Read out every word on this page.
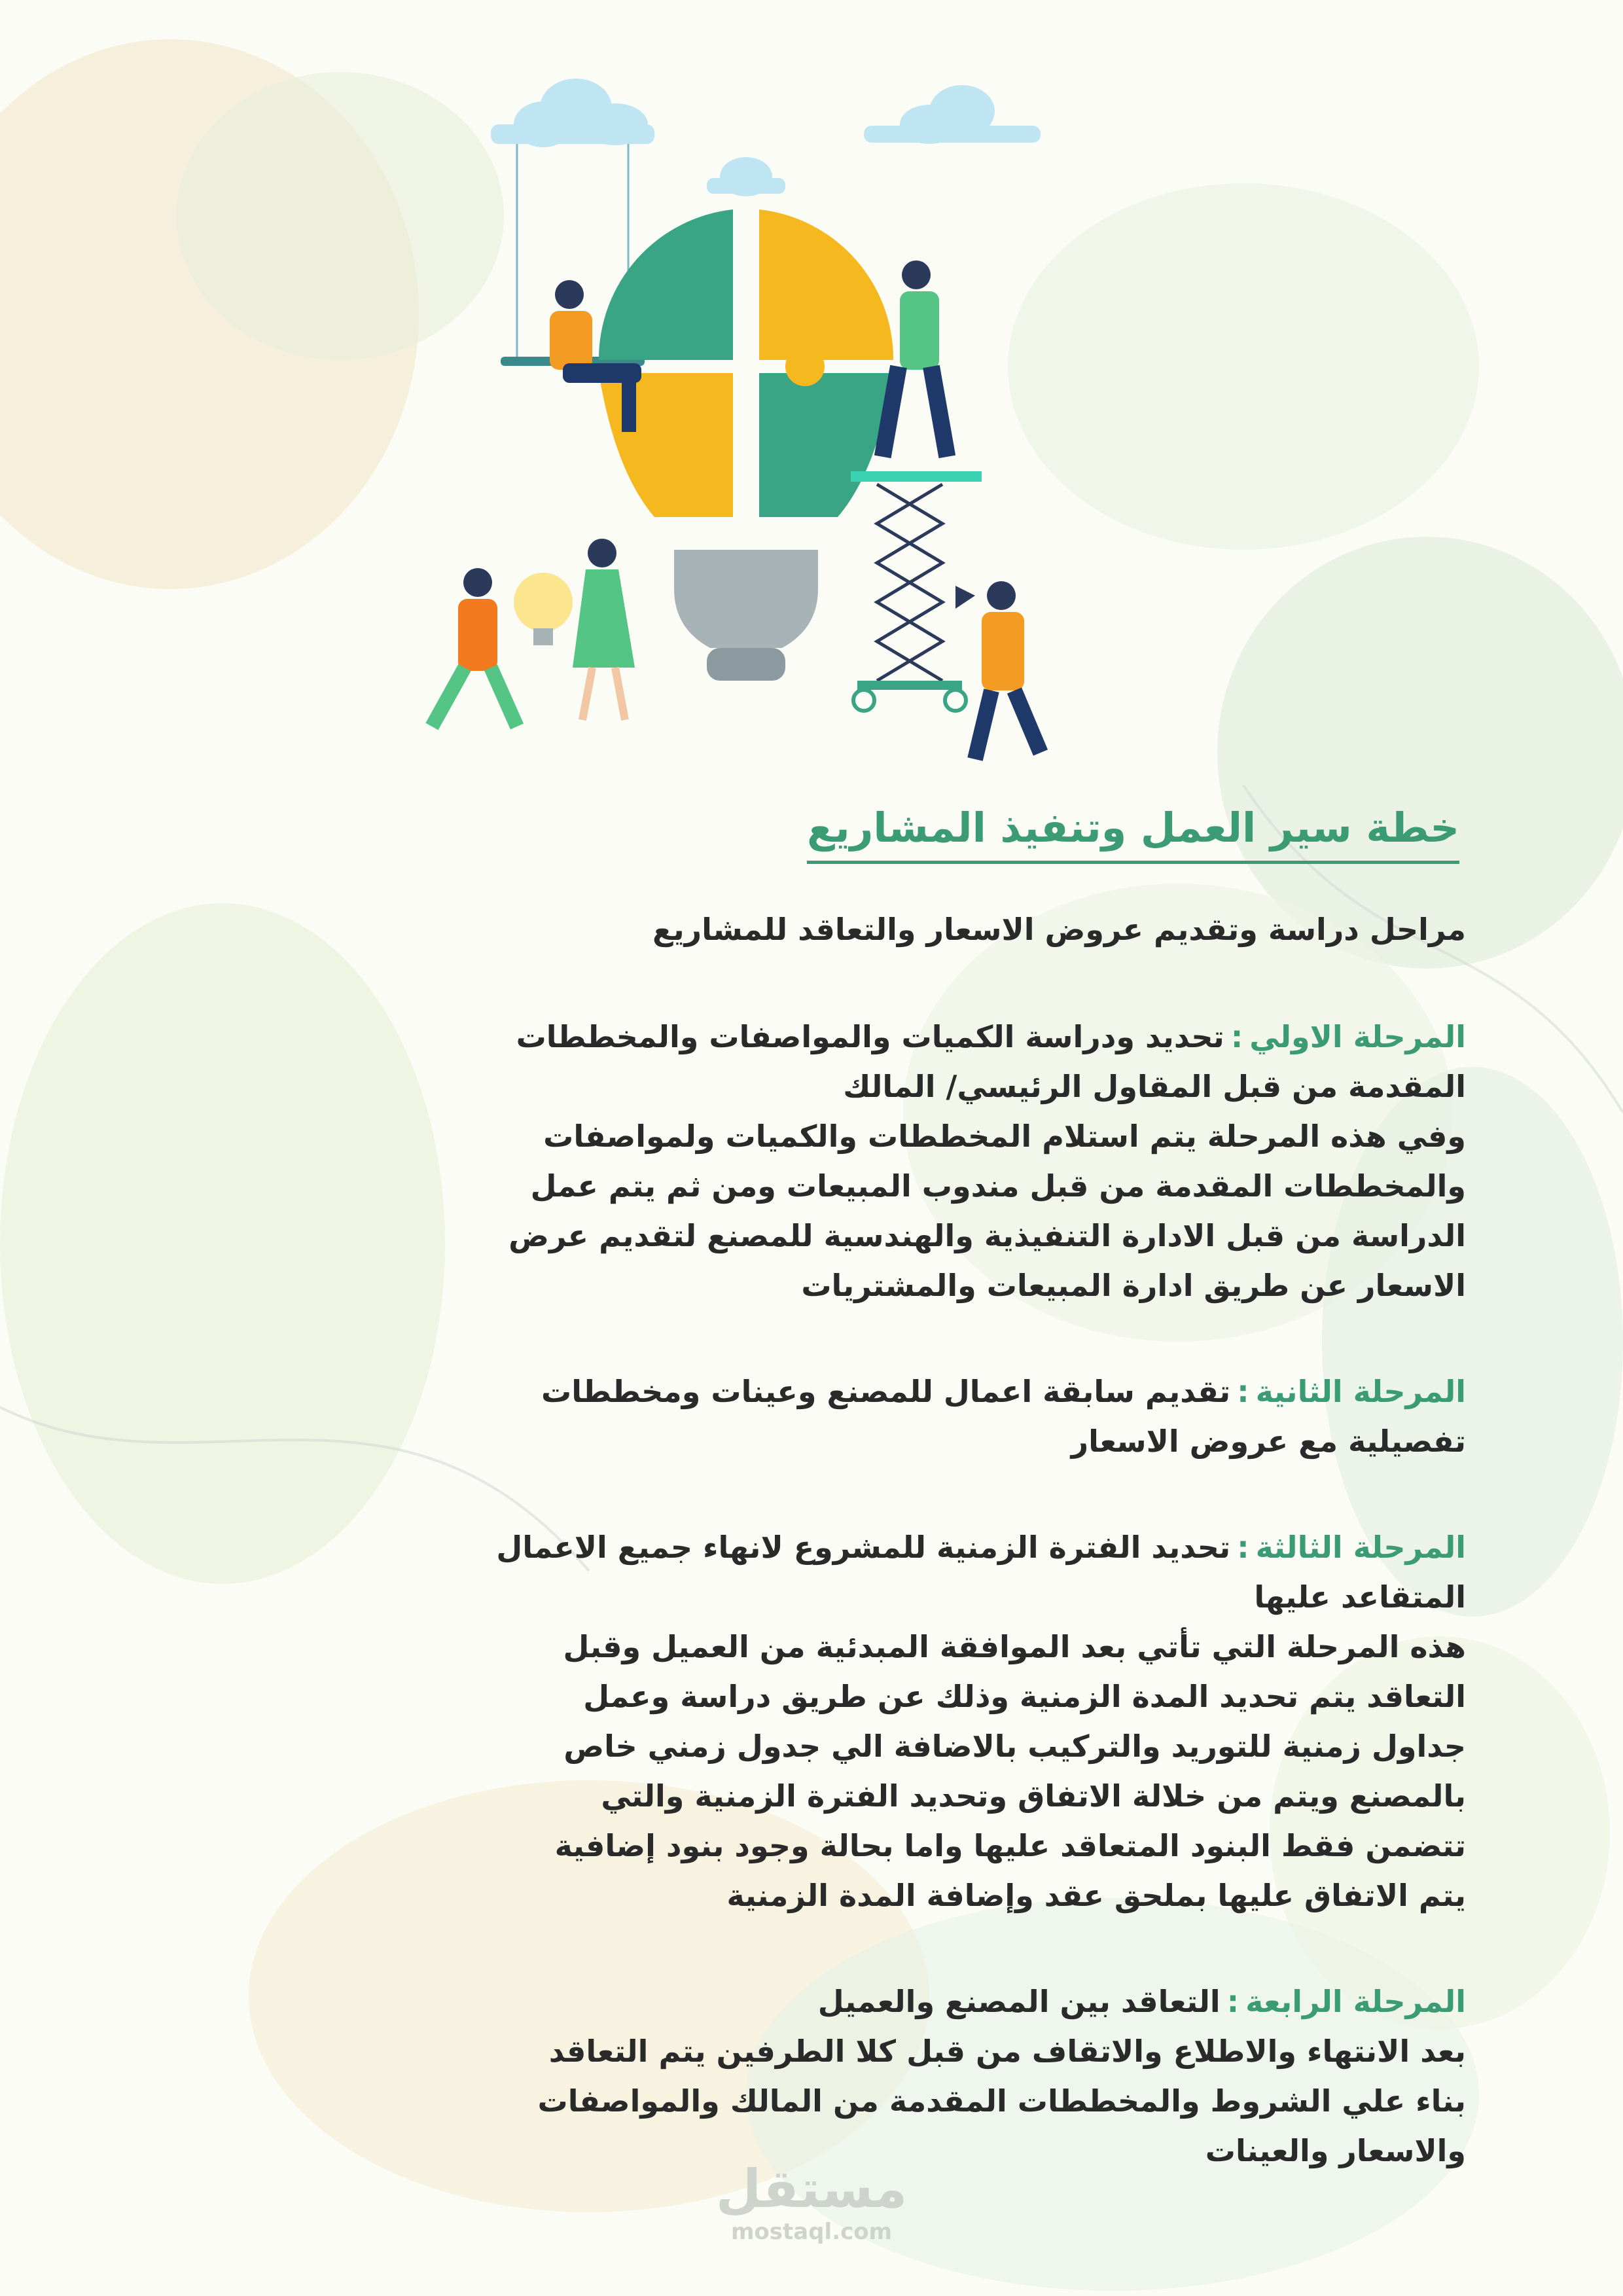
خطة سير العمل وتنفيذ المشاريع

مراحل دراسة وتقديم عروض الاسعار والتعاقد للمشاريع

المرحلة الاولي:تحديد ودراسة الكميات والمواصفات والمخططات

المقدمة من قبل المقاول الرئيسي/ المالك

وفي هذه المرحلة يتم استلام المخططات والكميات ولمواصفات

والمخططات المقدمة من قبل مندوب المبيعات ومن ثم يتم عمل

الدراسة من قبل الادارة التنفيذية والهندسية للمصنع لتقديم عرض

الاسعار عن طريق ادارة المبيعات والمشتريات

المرحلة الثانية:تقديم سابقة اعمال للمصنع وعينات ومخططات

تفصيلية مع عروض الاسعار

المرحلة الثالثة:تحديد الفترة الزمنية للمشروع لانهاء جميع الاعمال

المتقاعد عليها

هذه المرحلة التي تأتي بعد الموافقة المبدئية من العميل وقبل

التعاقد يتم تحديد المدة الزمنية وذلك عن طريق دراسة وعمل

جداول زمنية للتوريد والتركيب بالاضافة الي جدول زمني خاص

بالمصنع ويتم من خلالة الاتفاق وتحديد الفترة الزمنية والتي

تتضمن فقط البنود المتعاقد عليها واما بحالة وجود بنود إضافية

يتم الاتفاق عليها بملحق عقد وإضافة المدة الزمنية

المرحلة الرابعة:التعاقد بين المصنع والعميل

بعد الانتهاء والاطلاع والاتقاف من قبل كلا الطرفين يتم التعاقد

بناء علي الشروط والمخططات المقدمة من المالك والمواصفات

والاسعار والعينات

مستقل
mostaql.com
